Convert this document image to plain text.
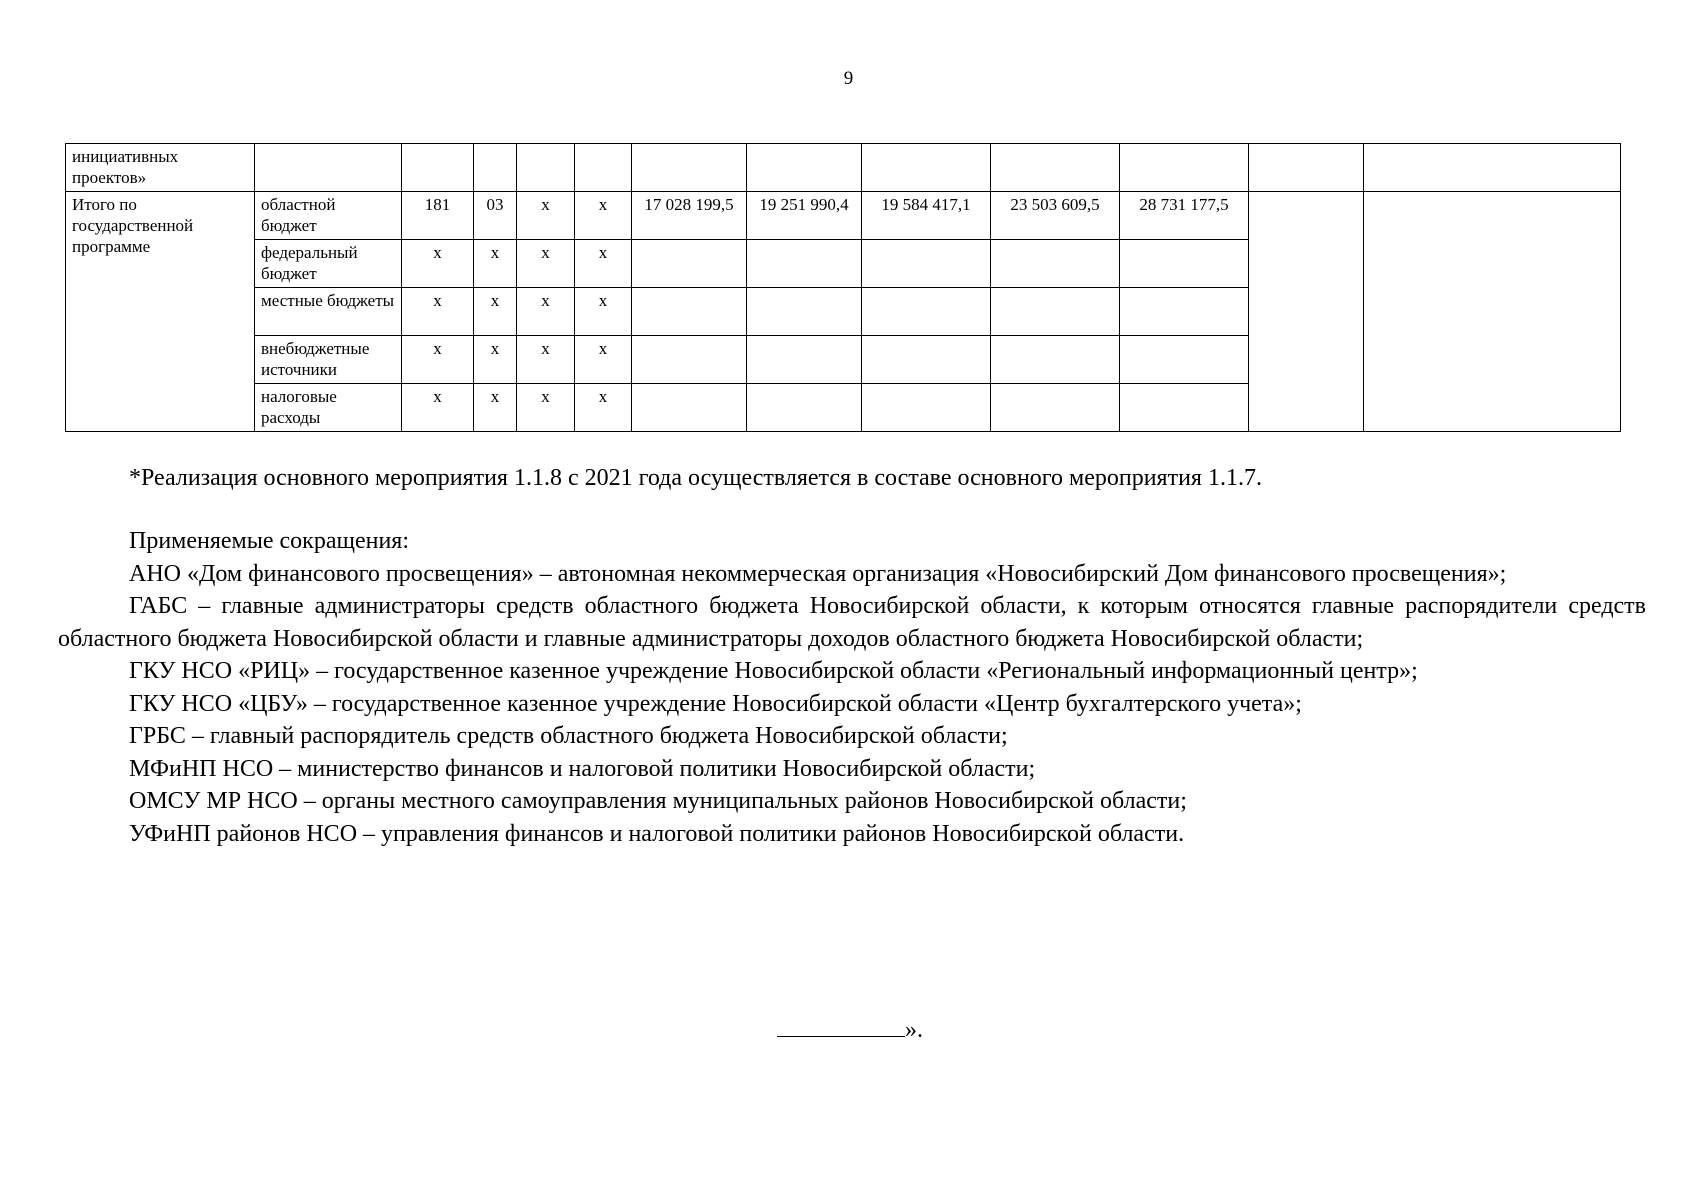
9
инициативных проектов»												
Итого по государственной программе	областной бюджет	181	03	х	х	17 028 199,5	19 251 990,4	19 584 417,1	23 503 609,5	28 731 177,5		
	федеральный бюджет	х	х	х	х							
	местные бюджеты	х	х	х	х							
	внебюджетные источники	х	х	х	х							
	налоговые расходы	х	х	х	х							
*Реализация основного мероприятия 1.1.8 с 2021 года осуществляется в составе основного мероприятия 1.1.7.

Применяемые сокращения:

АНО «Дом финансового просвещения» – автономная некоммерческая организация «Новосибирский Дом финансового просвещения»;

ГАБС – главные администраторы средств областного бюджета Новосибирской области, к которым относятся главные распорядители средств областного бюджета Новосибирской области и главные администраторы доходов областного бюджета Новосибирской области;

ГКУ НСО «РИЦ» – государственное казенное учреждение Новосибирской области «Региональный информационный центр»;

ГКУ НСО «ЦБУ» – государственное казенное учреждение Новосибирской области «Центр бухгалтерского учета»;

ГРБС – главный распорядитель средств областного бюджета Новосибирской области;

МФиНП НСО – министерство финансов и налоговой политики Новосибирской области;

ОМСУ МР НСО – органы местного самоуправления муниципальных районов Новосибирской области;

УФиНП районов НСО – управления финансов и налоговой политики районов Новосибирской области.

».
